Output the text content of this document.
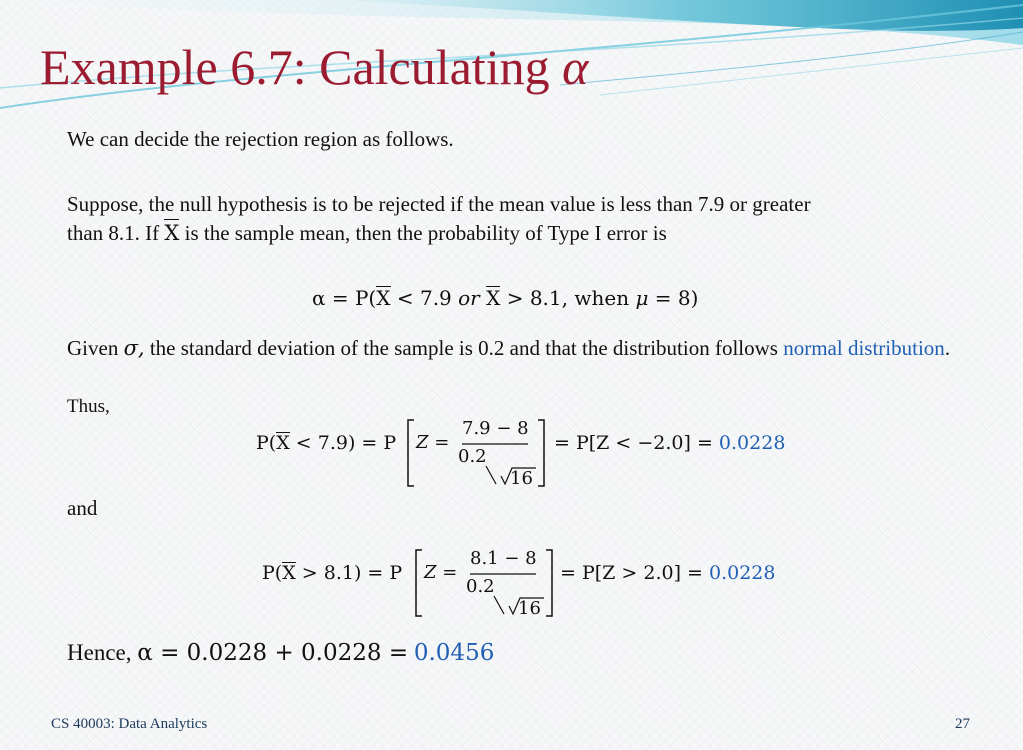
Example 6.7: Calculating α

We can decide the rejection region as follows.

Suppose, the null hypothesis is to be rejected if the mean value is less than 7.9 or greater
than 8.1. If X is the sample mean, then the probability of Type I error is

α = P(X < 7.9 or X > 8.1, when μ = 8)

Given σ, the standard deviation of the sample is 0.2 and that the distribution follows normal distribution.

Thus,

P(X < 7.9) = P Z =
7.9 − 8
0.2
16
= P[Z < −2.0] = 0.0228

and

P(X > 8.1) = P Z =
8.1 − 8
0.2
16
= P[Z > 2.0] = 0.0228
Hence, α = 0.0228 + 0.0228 = 0.0456
CS 40003: Data Analytics	27
